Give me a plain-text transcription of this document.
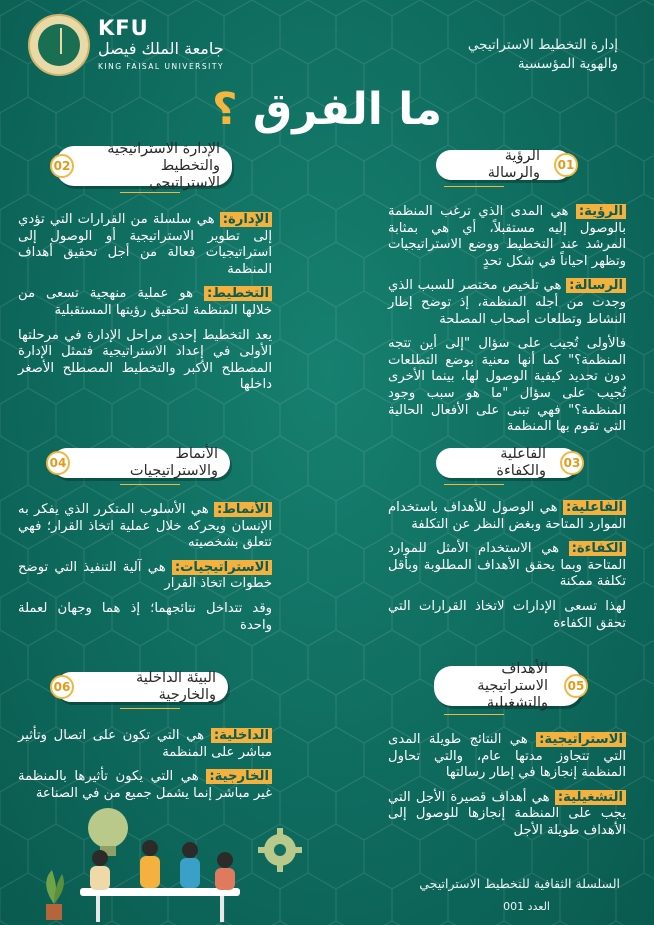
إدارة التخطيط الاستراتيجي
والهوية المؤسسية
KFU
جامعة الملك فيصل
KING FAISAL UNIVERSITY
ما الفرق ؟
الرؤية والرسالة
01

الرؤية: هي المدى الذي ترغب المنظمة بالوصول إليه مستقبلاً، أي هي بمثابة المرشد عند التخطيط ووضع الاستراتيجيات وتظهر احياناً في شكل تحدٍ

الرسالة: هي تلخيص مختصر للسبب الذي وجدت من أجله المنظمة، إذ توضح إطار النشاط وتطلعات أصحاب المصلحة

فالأولى تُجيب على سؤال "إلى أين تتجه المنظمة؟" كما أنها معنية بوضع التطلعات دون تحديد كيفية الوصول لها، بينما الأخرى تُجيب على سؤال "ما هو سبب وجود المنظمة؟" فهي تبنى على الأفعال الحالية التي تقوم بها المنظمة

الإدارة الاستراتيجية والتخطيط الاستراتيجي
02

الإدارة: هي سلسلة من القرارات التي تؤدي إلى تطوير الاستراتيجية أو الوصول إلى استراتيجيات فعالة من أجل تحقيق أهداف المنظمة

التخطيط: هو عملية منهجية تسعى من خلالها المنظمة لتحقيق رؤيتها المستقبلية

يعد التخطيط إحدى مراحل الإدارة في مرحلتها الأولى في إعداد الاستراتيجية فتمثل الإدارة المصطلح الأكبر والتخطيط المصطلح الأصغر داخلها

الفاعلية والكفاءة
03

الفاعلية: هي الوصول للأهداف باستخدام الموارد المتاحة وبغض النظر عن التكلفة

الكفاءة: هي الاستخدام الأمثل للموارد المتاحة وبما يحقق الأهداف المطلوبة وبأقل تكلفة ممكنة

لهذا تسعى الإدارات لاتخاذ القرارات التي تحقق الكفاءة

الأنماط والاستراتيجيات
04

الأنماط: هي الأسلوب المتكرر الذي يفكر به الإنسان ويحركه خلال عملية اتخاذ القرار؛ فهي تتعلق بشخصيته

الاستراتيجيات: هي آلية التنفيذ التي توضح خطوات اتخاذ القرار

وقد تتداخل نتائجهما؛ إذ هما وجهان لعملة واحدة

الأهداف الاستراتيجية والتشغيلية
05

الاستراتيجية: هي النتائج طويلة المدى التي تتجاوز مدتها عام، والتي تحاول المنظمة إنجازها في إطار رسالتها

التشغيلية: هي أهداف قصيرة الأجل التي يجب على المنظمة إنجازها للوصول إلى الأهداف طويلة الأجل

البيئة الداخلية والخارجية
06

الداخلية: هي التي تكون على اتصال وتأثير مباشر على المنظمة

الخارجية: هي التي يكون تأثيرها بالمنظمة غير مباشر إنما يشمل جميع من في الصناعة

السلسلة الثقافية للتخطيط الاستراتيجي
العدد 001
